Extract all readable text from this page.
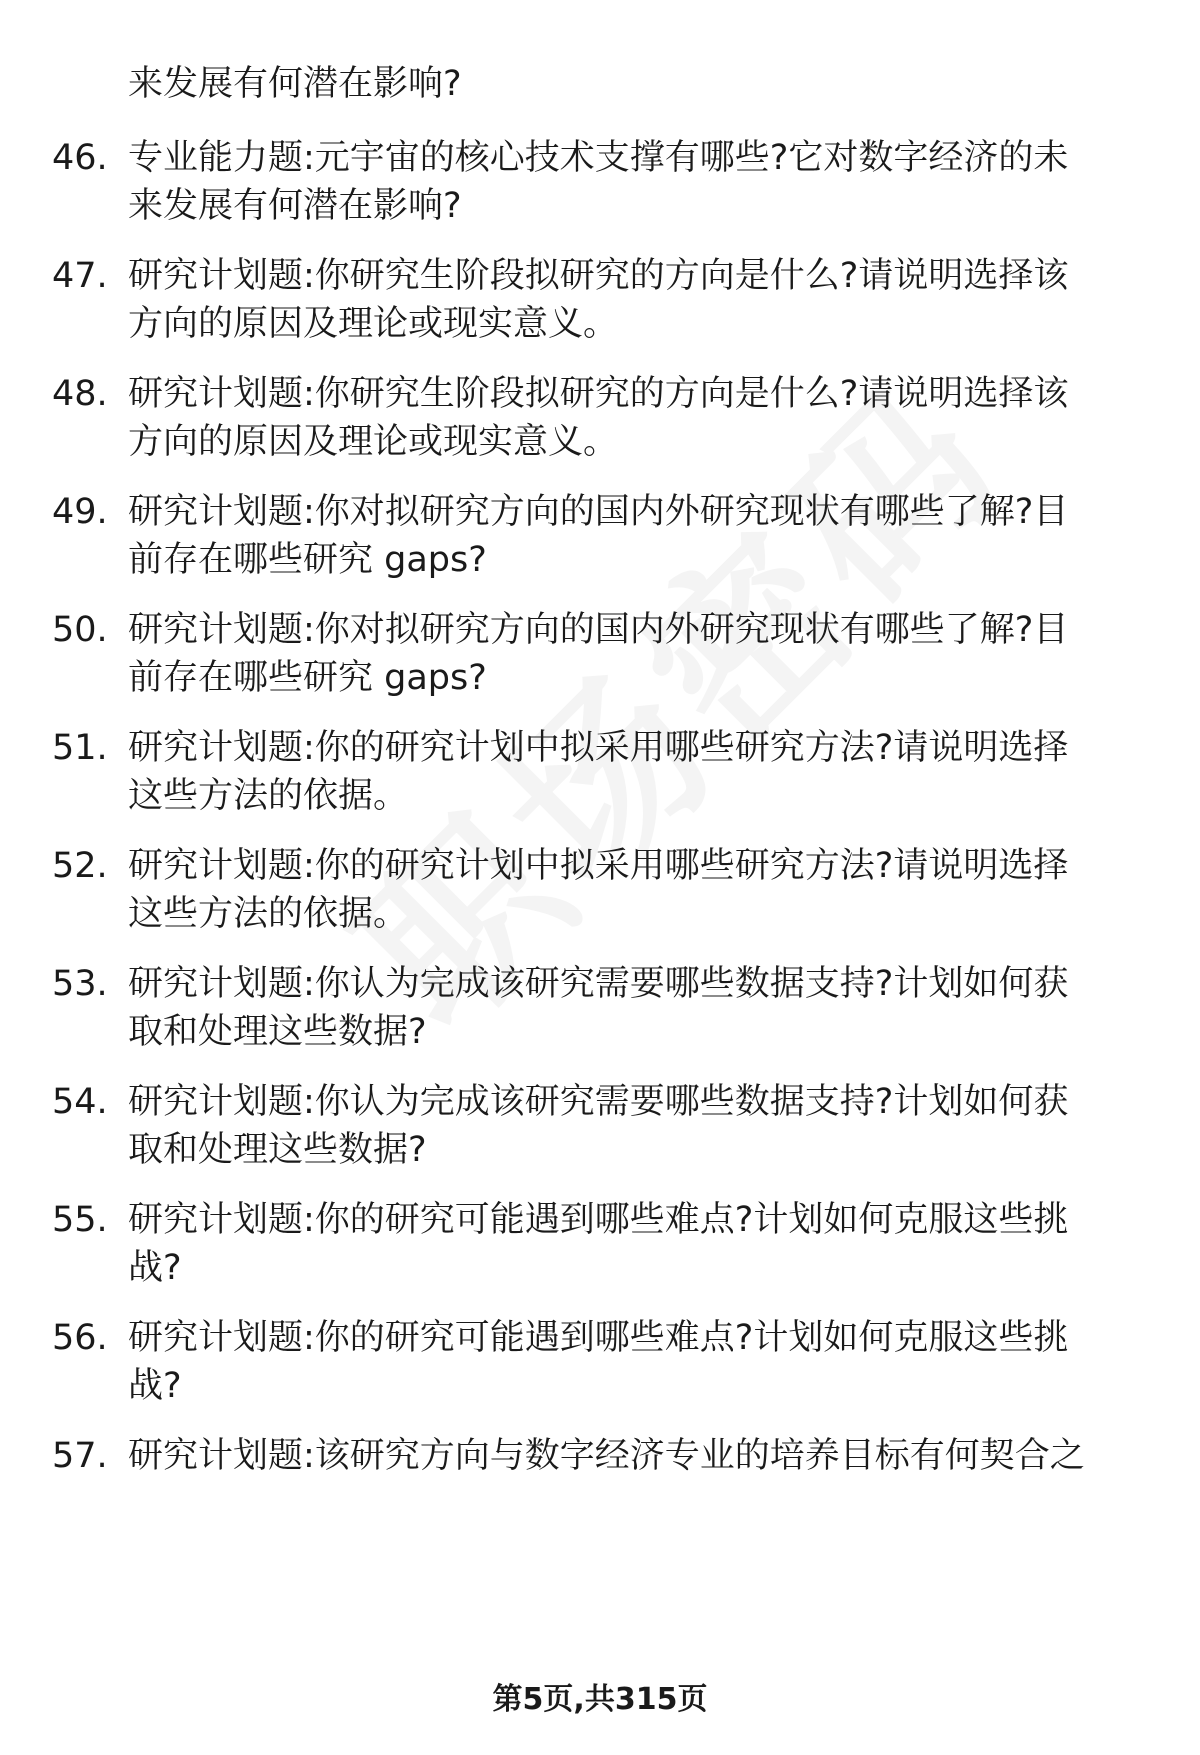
来发展有何潜在影响?
46. 专业能力题:元宇宙的核心技术支撑有哪些?它对数字经济的未
来发展有何潜在影响?
47. 研究计划题:你研究生阶段拟研究的方向是什么?请说明选择该
方向的原因及理论或现实意义。
48. 研究计划题:你研究生阶段拟研究的方向是什么?请说明选择该
方向的原因及理论或现实意义。
49. 研究计划题:你对拟研究方向的国内外研究现状有哪些了解?目
前存在哪些研究 gaps?
50. 研究计划题:你对拟研究方向的国内外研究现状有哪些了解?目
前存在哪些研究 gaps?
51. 研究计划题:你的研究计划中拟采用哪些研究方法?请说明选择
这些方法的依据。
52. 研究计划题:你的研究计划中拟采用哪些研究方法?请说明选择
这些方法的依据。
53. 研究计划题:你认为完成该研究需要哪些数据支持?计划如何获
取和处理这些数据?
54. 研究计划题:你认为完成该研究需要哪些数据支持?计划如何获
取和处理这些数据?
55. 研究计划题:你的研究可能遇到哪些难点?计划如何克服这些挑
战?
56. 研究计划题:你的研究可能遇到哪些难点?计划如何克服这些挑
战?
57. 研究计划题:该研究方向与数字经济专业的培养目标有何契合之
第5页,共315页
